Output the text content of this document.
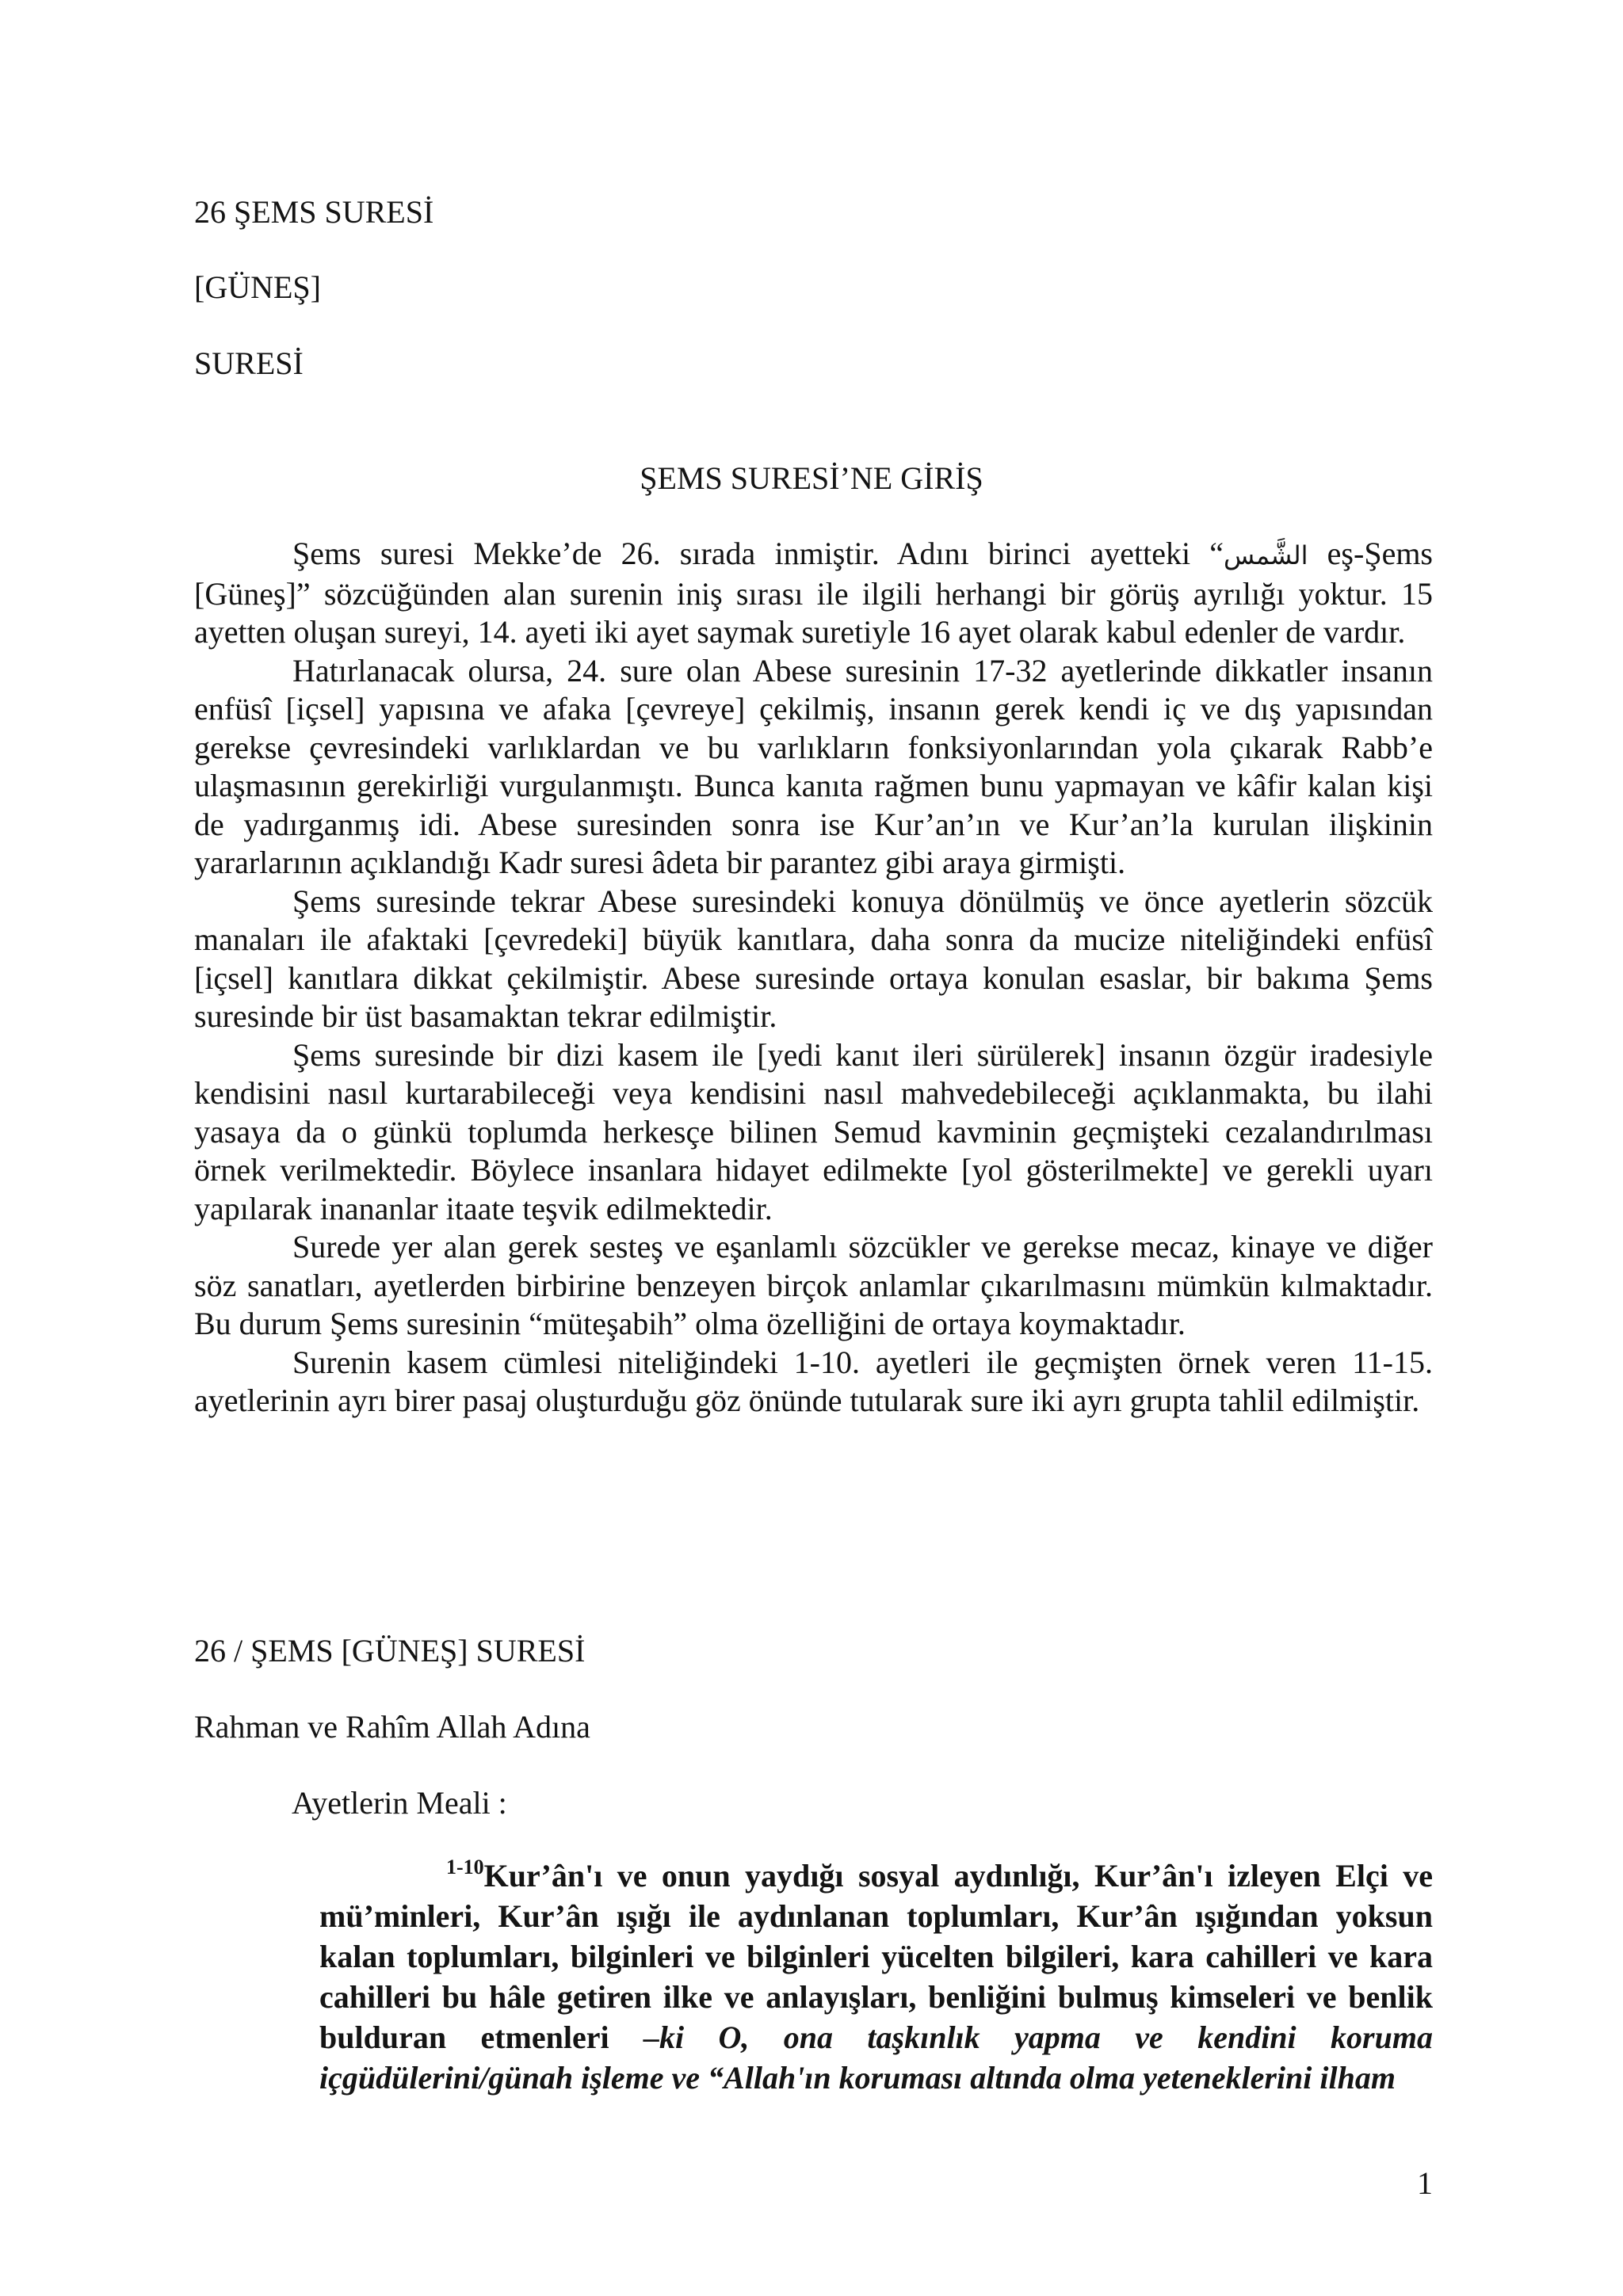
26 ŞEMS SURESİ
[GÜNEŞ]
SURESİ
ŞEMS SURESİ’NE GİRİŞ

Şems suresi Mekke’de 26. sırada inmiştir. Adını birinci ayetteki “الشَّمس eş-Şems [Güneş]” sözcüğünden alan surenin iniş sırası ile ilgili herhangi bir görüş ayrılığı yoktur. 15 ayetten oluşan sureyi, 14. ayeti iki ayet saymak suretiyle 16 ayet olarak kabul edenler de vardır.

Hatırlanacak olursa, 24. sure olan Abese suresinin 17-32 ayetlerinde dikkatler insanın enfüsî [içsel] yapısına ve afaka [çevreye] çekilmiş, insanın gerek kendi iç ve dış yapısından gerekse çevresindeki varlıklardan ve bu varlıkların fonksiyonlarından yola çıkarak Rabb’e ulaşmasının gerekirliği vurgulanmıştı. Bunca kanıta rağmen bunu yapmayan ve kâfir kalan kişi de yadırganmış idi. Abese suresinden sonra ise Kur’an’ın ve Kur’an’la kurulan ilişkinin yararlarının açıklandığı Kadr suresi âdeta bir parantez gibi araya girmişti.

Şems suresinde tekrar Abese suresindeki konuya dönülmüş ve önce ayetlerin sözcük manaları ile afaktaki [çevredeki] büyük kanıtlara, daha sonra da mucize niteliğindeki enfüsî [içsel] kanıtlara dikkat çekilmiştir. Abese suresinde ortaya konulan esaslar, bir bakıma Şems suresinde bir üst basamaktan tekrar edilmiştir.

Şems suresinde bir dizi kasem ile [yedi kanıt ileri sürülerek] insanın özgür iradesiyle kendisini nasıl kurtarabileceği veya kendisini nasıl mahvedebileceği açıklanmakta, bu ilahi yasaya da o günkü toplumda herkesçe bilinen Semud kavminin geçmişteki cezalandırılması örnek verilmektedir. Böylece insanlara hidayet edilmekte [yol gösterilmekte] ve gerekli uyarı yapılarak inananlar itaate teşvik edilmektedir.

Surede yer alan gerek sesteş ve eşanlamlı sözcükler ve gerekse mecaz, kinaye ve diğer söz sanatları, ayetlerden birbirine benzeyen birçok anlamlar çıkarılmasını mümkün kılmaktadır. Bu durum Şems suresinin “müteşabih” olma özelliğini de ortaya koymaktadır.

Surenin kasem cümlesi niteliğindeki 1-10. ayetleri ile geçmişten örnek veren 11-15. ayetlerinin ayrı birer pasaj oluşturduğu göz önünde tutularak sure iki ayrı grupta tahlil edilmiştir.

26 / ŞEMS [GÜNEŞ] SURESİ
Rahman ve Rahîm Allah Adına
Ayetlerin Meali :

$^{1-10}$Kur’ân'ı ve onun yaydığı sosyal aydınlığı, Kur’ân'ı izleyen Elçi ve mü’minleri, Kur’ân ışığı ile aydınlanan toplumları, Kur’ân ışığından yoksun kalan toplumları, bilginleri ve bilginleri yücelten bilgileri, kara cahilleri ve kara cahilleri bu hâle getiren ilke ve anlayışları, benliğini bulmuş kimseleri ve benlik bulduran etmenleri –ki O, ona taşkınlık yapma ve kendini koruma içgüdülerini/günah işleme ve “Allah'ın koruması altında olma yeteneklerini ilham

1
